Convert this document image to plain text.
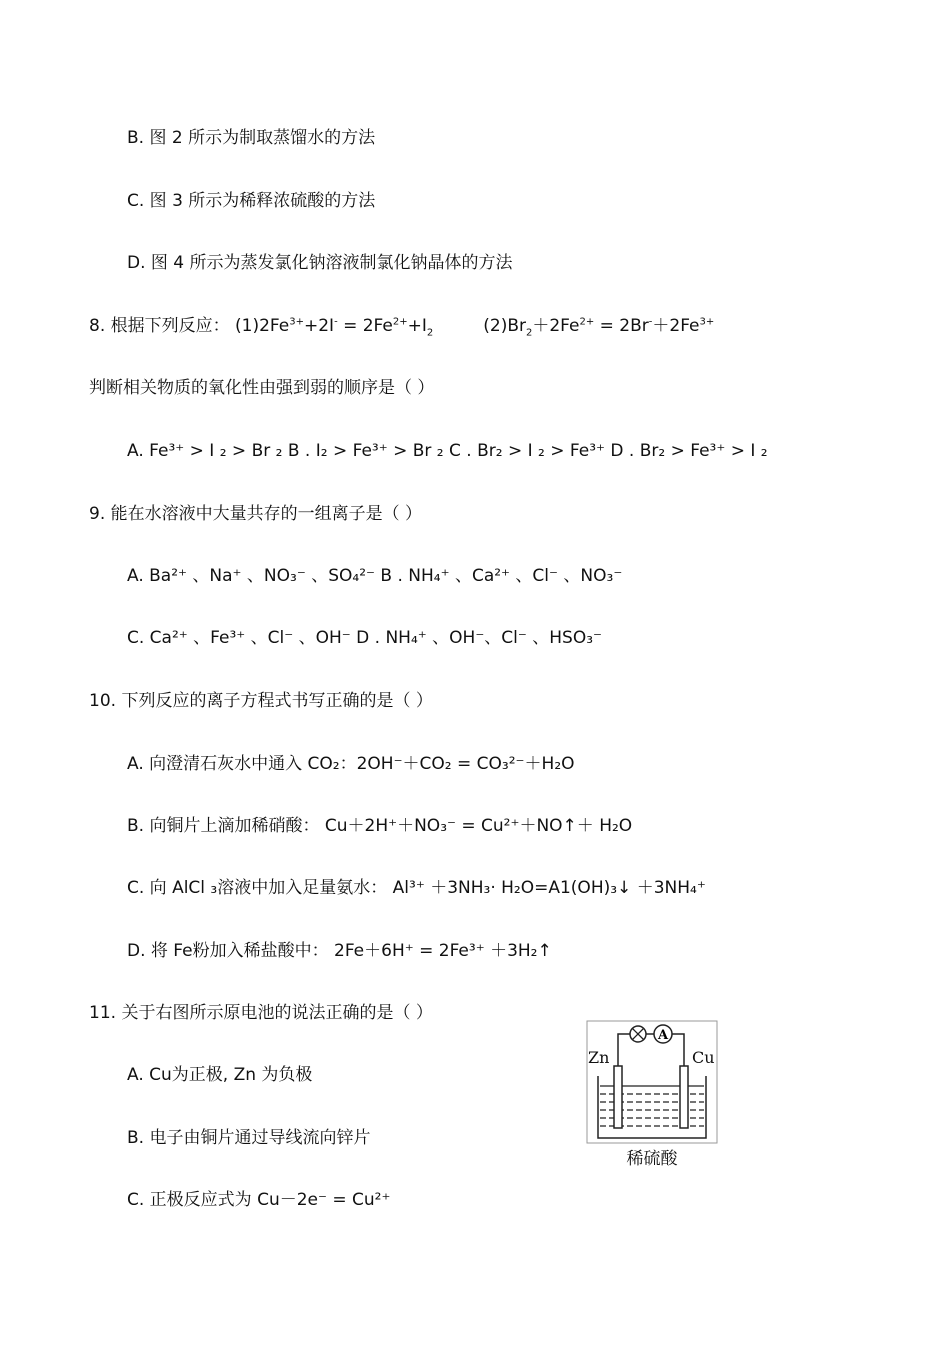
B. 图 2 所示为制取蒸馏水的方法
C. 图 3 所示为稀释浓硫酸的方法
D. 图 4 所示为蒸发氯化钠溶液制氯化钠晶体的方法
8. 根据下列反应： $(1)2Fe^{3+}+2I^- = 2Fe^{2+}+I_2$	$(2)Br_2+2Fe^{2+} = 2Br^-+2Fe^{3+}$
判断相关物质的氧化性由强到弱的顺序是（ ）
A. Fe³⁺ > I ₂ > Br ₂ B . I₂ > Fe³⁺ > Br ₂ C . Br₂ > I ₂ > Fe³⁺ D . Br₂ > Fe³⁺ > I ₂
9. 能在水溶液中大量共存的一组离子是（ ）
A. Ba²⁺ 、Na⁺ 、NO₃⁻ 、SO₄²⁻ B . NH₄⁺ 、Ca²⁺ 、Cl⁻ 、NO₃⁻
C. Ca²⁺ 、Fe³⁺ 、Cl⁻ 、OH⁻ D . NH₄⁺ 、OH⁻、Cl⁻ 、HSO₃⁻
10. 下列反应的离子方程式书写正确的是（ ）
A. 向澄清石灰水中通入 CO₂：2OH⁻＋CO₂ = CO₃²⁻＋H₂O
B. 向铜片上滴加稀硝酸： Cu＋2H⁺＋NO₃⁻ = Cu²⁺＋NO↑＋ H₂O
C. 向 AlCl ₃溶液中加入足量氨水： Al³⁺ ＋3NH₃· H₂O=A1(OH)₃↓ ＋3NH₄⁺
D. 将 Fe粉加入稀盐酸中： 2Fe＋6H⁺ = 2Fe³⁺ ＋3H₂↑
11. 关于右图所示原电池的说法正确的是（ ）
A. Cu为正极, Zn 为负极
B. 电子由铜片通过导线流向锌片
C. 正极反应式为 Cu－2e⁻ = Cu²⁺
A
Zn	Cu
稀硫酸
